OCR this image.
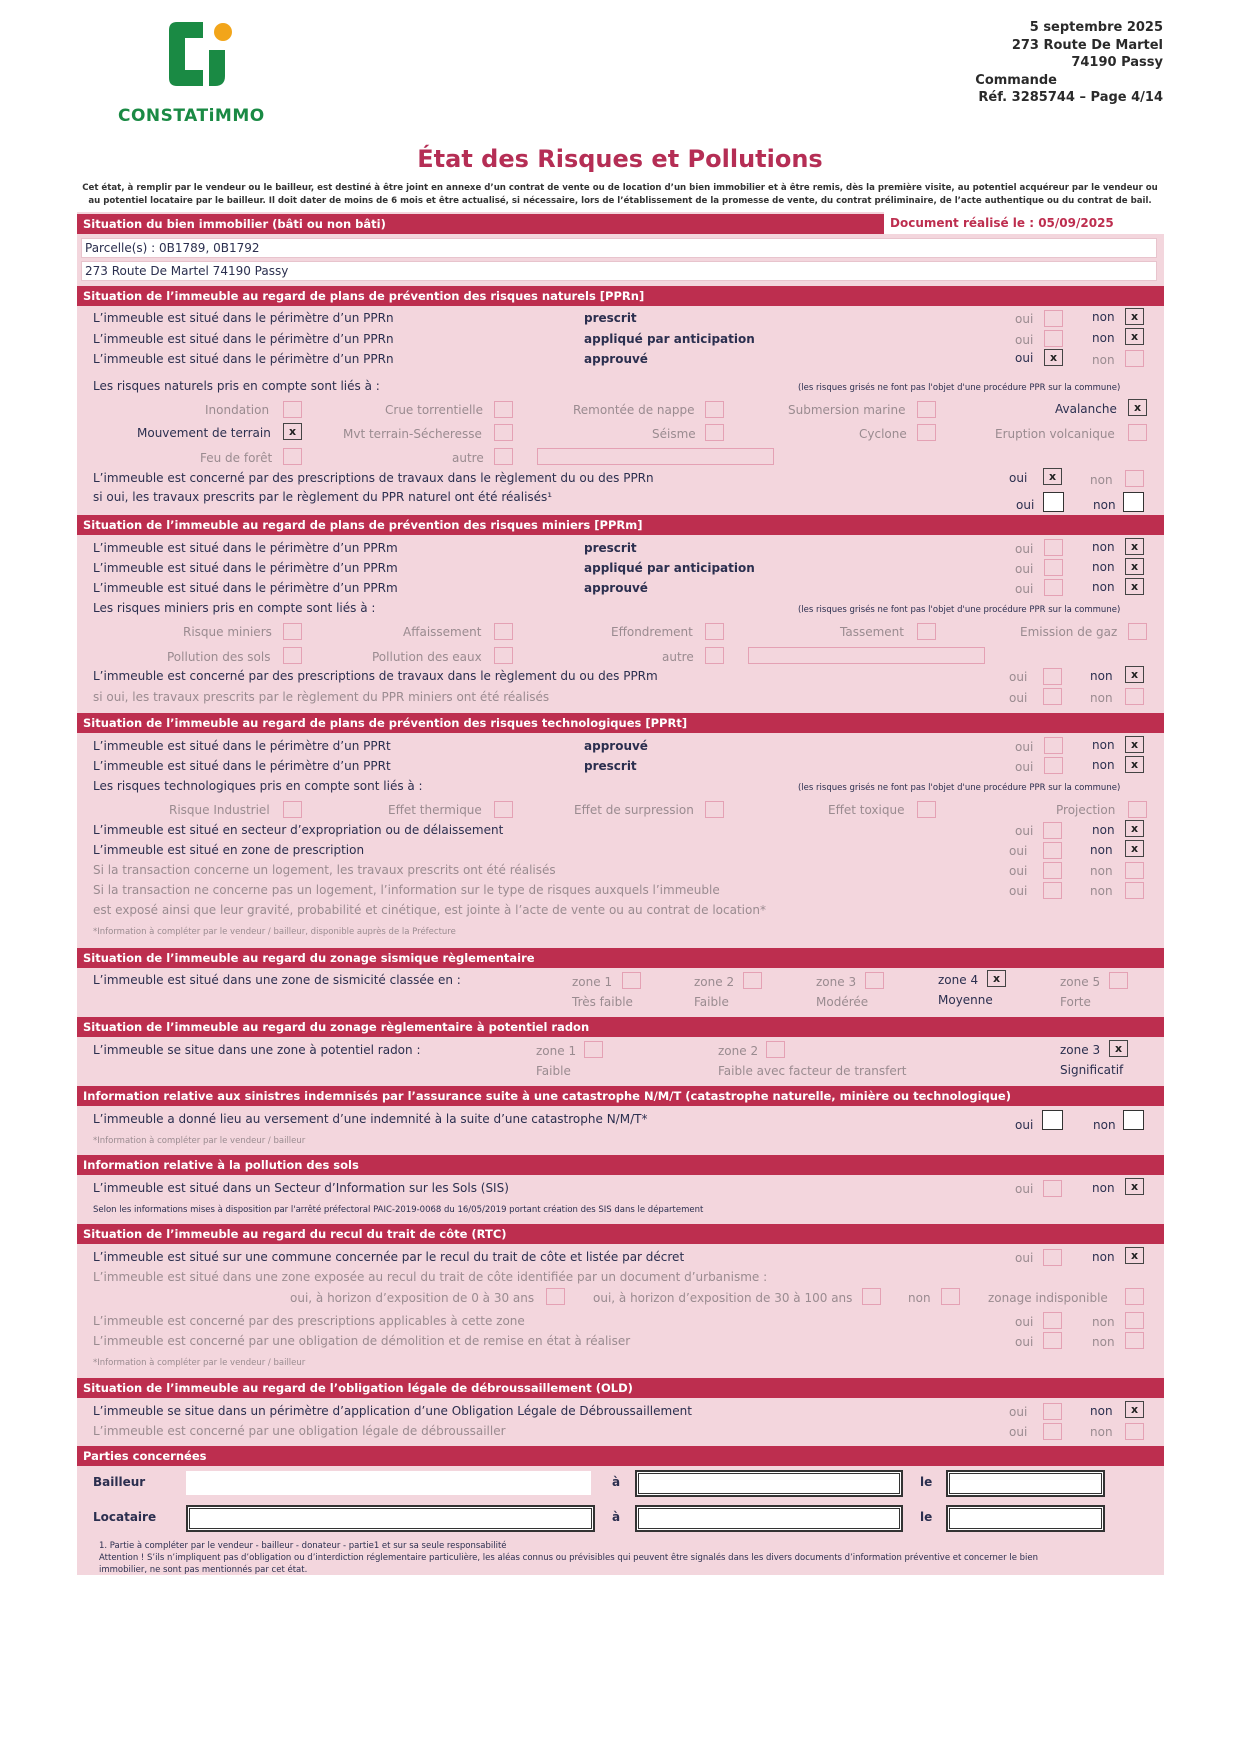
CONSTATiMMO
5 septembre 2025
273 Route De Martel
74190 Passy
Commande
Réf. 3285744 – Page 4/14
État des Risques et Pollutions
Cet état, à remplir par le vendeur ou le bailleur, est destiné à être joint en annexe d’un contrat de vente ou de location d’un bien immobilier et à être remis, dès la première visite, au potentiel acquéreur par le vendeur ou au potentiel locataire par le bailleur. Il doit dater de moins de 6 mois et être actualisé, si nécessaire, lors de l’établissement de la promesse de vente, du contrat préliminaire, de l’acte authentique ou du contrat de bail.
Situation du bien immobilier (bâti ou non bâti)	Document réalisé le : 05/09/2025
Parcelle(s) : 0B1789, 0B1792
273 Route De Martel 74190 Passy
Situation de l’immeuble au regard de plans de prévention des risques naturels [PPRn]
L’immeuble est situé dans le périmètre d’un PPRn	prescrit	oui	non	x
L’immeuble est situé dans le périmètre d’un PPRn	appliqué par anticipation	oui	non	x
L’immeuble est situé dans le périmètre d’un PPRn	approuvé	oui	x	non
Les risques naturels pris en compte sont liés à :	(les risques grisés ne font pas l'objet d'une procédure PPR sur la commune)
Inondation	Crue torrentielle	Remontée de nappe	Submersion marine	Avalanche	x
Mouvement de terrain	x	Mvt terrain-Sécheresse	Séisme	Cyclone	Eruption volcanique
Feu de forêt	autre
L’immeuble est concerné par des prescriptions de travaux dans le règlement du ou des PPRn	oui	x	non
si oui, les travaux prescrits par le règlement du PPR naturel ont été réalisés¹
oui	non
Situation de l’immeuble au regard de plans de prévention des risques miniers [PPRm]
L’immeuble est situé dans le périmètre d’un PPRm	prescrit	oui	non	x
L’immeuble est situé dans le périmètre d’un PPRm	appliqué par anticipation	oui	non	x
L’immeuble est situé dans le périmètre d’un PPRm	approuvé	oui	non	x
Les risques miniers pris en compte sont liés à :	(les risques grisés ne font pas l'objet d'une procédure PPR sur la commune)
Risque miniers	Affaissement	Effondrement	Tassement	Emission de gaz
Pollution des sols	Pollution des eaux	autre
L’immeuble est concerné par des prescriptions de travaux dans le règlement du ou des PPRm	oui	non	x
si oui, les travaux prescrits par le règlement du PPR miniers ont été réalisés	oui	non
Situation de l’immeuble au regard de plans de prévention des risques technologiques [PPRt]
L’immeuble est situé dans le périmètre d’un PPRt	approuvé	oui	non	x
L’immeuble est situé dans le périmètre d’un PPRt	prescrit	oui	non	x
Les risques technologiques pris en compte sont liés à :	(les risques grisés ne font pas l'objet d'une procédure PPR sur la commune)
Risque Industriel	Effet thermique	Effet de surpression	Effet toxique	Projection
L’immeuble est situé en secteur d’expropriation ou de délaissement	oui	non	x
L’immeuble est situé en zone de prescription	oui	non	x
Si la transaction concerne un logement, les travaux prescrits ont été réalisés	oui	non
Si la transaction ne concerne pas un logement, l’information sur le type de risques auxquels l’immeuble	oui	non
est exposé ainsi que leur gravité, probabilité et cinétique, est jointe à l’acte de vente ou au contrat de location*
*Information à compléter par le vendeur / bailleur, disponible auprès de la Préfecture
Situation de l’immeuble au regard du zonage sismique règlementaire
L’immeuble est situé dans une zone de sismicité classée en :	zone 1
Très faible
zone 2
Faible
zone 3
Modérée
zone 4	x
Moyenne
zone 5
Forte
Situation de l’immeuble au regard du zonage règlementaire à potentiel radon
L’immeuble se situe dans une zone à potentiel radon :	zone 1
Faible
zone 2
Faible avec facteur de transfert
zone 3	x
Significatif
Information relative aux sinistres indemnisés par l’assurance suite à une catastrophe N/M/T (catastrophe naturelle, minière ou technologique)
L’immeuble a donné lieu au versement d’une indemnité à la suite d’une catastrophe N/M/T*
*Information à compléter par le vendeur / bailleur
oui	non
Information relative à la pollution des sols
L’immeuble est situé dans un Secteur d’Information sur les Sols (SIS)
Selon les informations mises à disposition par l'arrêté préfectoral PAIC-2019-0068 du 16/05/2019 portant création des SIS dans le département
oui	non	x
Situation de l’immeuble au regard du recul du trait de côte (RTC)
L’immeuble est situé sur une commune concernée par le recul du trait de côte et listée par décret	oui	non	x
L’immeuble est situé dans une zone exposée au recul du trait de côte identifiée par un document d’urbanisme :
oui, à horizon d’exposition de 0 à 30 ans	oui, à horizon d’exposition de 30 à 100 ans	non	zonage indisponible
L’immeuble est concerné par des prescriptions applicables à cette zone	oui	non
L’immeuble est concerné par une obligation de démolition et de remise en état à réaliser	oui	non
*Information à compléter par le vendeur / bailleur
Situation de l’immeuble au regard de l’obligation légale de débroussaillement (OLD)
L’immeuble se situe dans un périmètre d’application d’une Obligation Légale de Débroussaillement	oui	non	x
L’immeuble est concerné par une obligation légale de débroussailler	oui	non
Parties concernées
Bailleur	à	le
Locataire	à	le
1. Partie à compléter par le vendeur - bailleur - donateur - partie1 et sur sa seule responsabilité
Attention ! S’ils n’impliquent pas d’obligation ou d’interdiction réglementaire particulière, les aléas connus ou prévisibles qui peuvent être signalés dans les divers documents d’information préventive et concerner le bien
immobilier, ne sont pas mentionnés par cet état.
